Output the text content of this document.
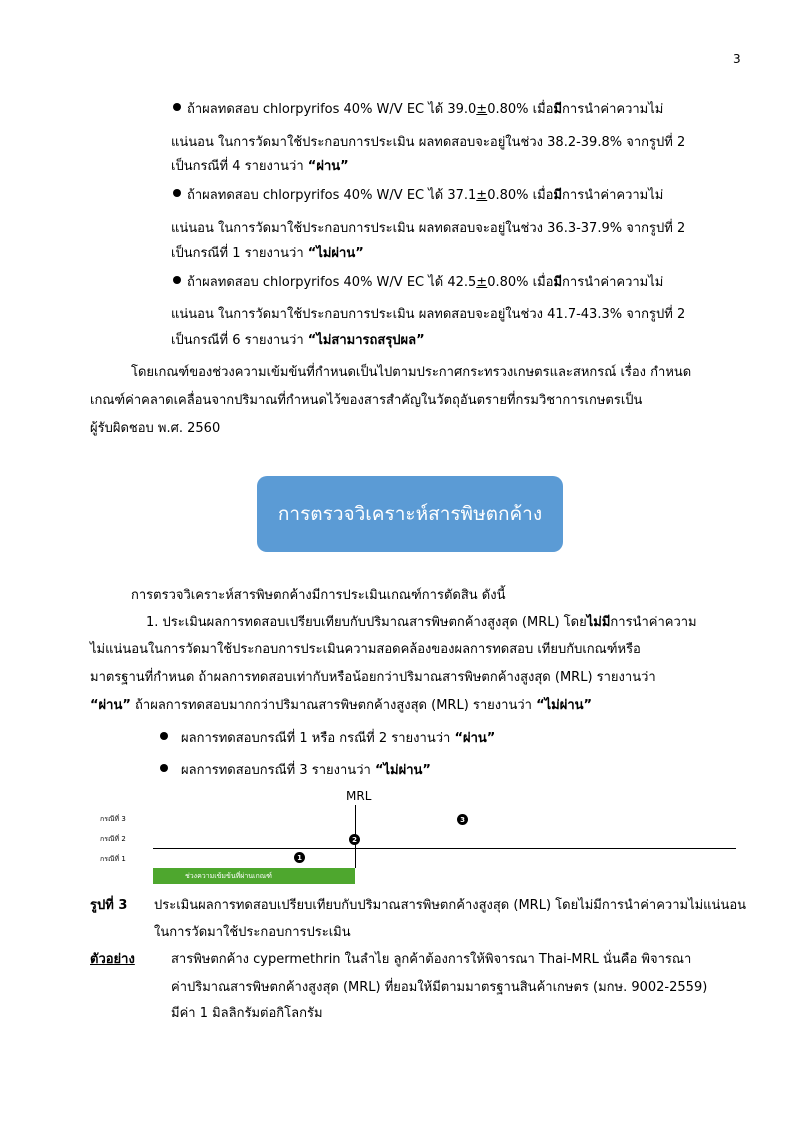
3
ถ้าผลทดสอบ chlorpyrifos 40% W/V EC ได้ 39.0±0.80% เมื่อมีการนำค่าความไม่
แน่นอน ในการวัดมาใช้ประกอบการประเมิน ผลทดสอบจะอยู่ในช่วง 38.2-39.8% จากรูปที่ 2
เป็นกรณีที่ 4 รายงานว่า “ผ่าน”
ถ้าผลทดสอบ chlorpyrifos 40% W/V EC ได้ 37.1±0.80% เมื่อมีการนำค่าความไม่
แน่นอน ในการวัดมาใช้ประกอบการประเมิน ผลทดสอบจะอยู่ในช่วง 36.3-37.9% จากรูปที่ 2
เป็นกรณีที่ 1 รายงานว่า “ไม่ผ่าน”
ถ้าผลทดสอบ chlorpyrifos 40% W/V EC ได้ 42.5±0.80% เมื่อมีการนำค่าความไม่
แน่นอน ในการวัดมาใช้ประกอบการประเมิน ผลทดสอบจะอยู่ในช่วง 41.7-43.3% จากรูปที่ 2
เป็นกรณีที่ 6 รายงานว่า “ไม่สามารถสรุปผล”
โดยเกณฑ์ของช่วงความเข้มข้นที่กำหนดเป็นไปตามประกาศกระทรวงเกษตรและสหกรณ์ เรื่อง กำหนด
เกณฑ์ค่าคลาดเคลื่อนจากปริมาณที่กำหนดไว้ของสารสำคัญในวัตถุอันตรายที่กรมวิชาการเกษตรเป็น
ผู้รับผิดชอบ พ.ศ. 2560
การตรวจวิเคราะห์สารพิษตกค้าง
การตรวจวิเคราะห์สารพิษตกค้างมีการประเมินเกณฑ์การตัดสิน ดังนี้
1. ประเมินผลการทดสอบเปรียบเทียบกับปริมาณสารพิษตกค้างสูงสุด (MRL) โดยไม่มีการนำค่าความ
ไม่แน่นอนในการวัดมาใช้ประกอบการประเมินความสอดคล้องของผลการทดสอบ เทียบกับเกณฑ์หรือ
มาตรฐานที่กำหนด ถ้าผลการทดสอบเท่ากับหรือน้อยกว่าปริมาณสารพิษตกค้างสูงสุด (MRL) รายงานว่า
“ผ่าน” ถ้าผลการทดสอบมากกว่าปริมาณสารพิษตกค้างสูงสุด (MRL) รายงานว่า “ไม่ผ่าน”
ผลการทดสอบกรณีที่ 1 หรือ กรณีที่ 2 รายงานว่า “ผ่าน”
ผลการทดสอบกรณีที่ 3 รายงานว่า “ไม่ผ่าน”
MRL
กรณีที่ 3
กรณีที่ 2
กรณีที่ 1	1
2
3
ช่วงความเข้มข้นที่ผ่านเกณฑ์
รูปที่ 3 ประเมินผลการทดสอบเปรียบเทียบกับปริมาณสารพิษตกค้างสูงสุด (MRL) โดยไม่มีการนำค่าความไม่แน่นอน
ในการวัดมาใช้ประกอบการประเมิน
ตัวอย่าง	สารพิษตกค้าง cypermethrin ในลำไย ลูกค้าต้องการให้พิจารณา Thai-MRL นั่นคือ พิจารณา
ค่าปริมาณสารพิษตกค้างสูงสุด (MRL) ที่ยอมให้มีตามมาตรฐานสินค้าเกษตร (มกษ. 9002-2559)
มีค่า 1 มิลลิกรัมต่อกิโลกรัม
